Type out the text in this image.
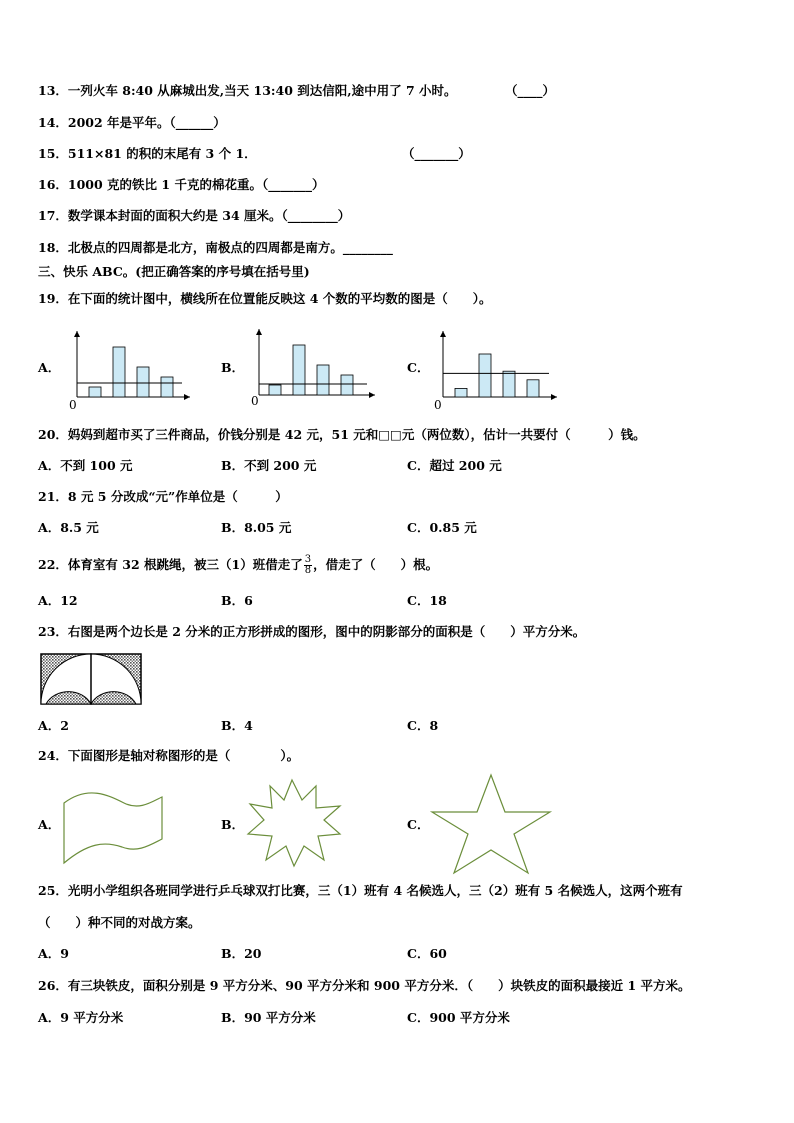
13．一列火车 8:40 从麻城出发,当天 13:40 到达信阳,途中用了 7 小时。	（____）
14．2002 年是平年。（______）
15．511×81 的积的末尾有 3 个 1．	（_______）
16．1000 克的铁比 1 千克的棉花重。（_______）
17．数学课本封面的面积大约是 34 厘米。（________）
18．北极点的四周都是北方，南极点的四周都是南方。________
三、快乐 ABC。(把正确答案的序号填在括号里)
19．在下面的统计图中，横线所在位置能反映这 4 个数的平均数的图是（　　）。
A．	B．	C．
0	0	0
20．妈妈到超市买了三件商品，价钱分别是 42 元，51 元和□□元（两位数），估计一共要付（　　　）钱。
A．不到 100 元	B．不到 200 元	C．超过 200 元
21．8 元 5 分改成“元”作单位是（　　　）
A．8.5 元	B．8.05 元	C．0.85 元
22．体育室有 32 根跳绳，被三（1）班借走了 $\frac{3}{8}$ ，借走了（　　）根。
A．12	B．6	C．18
23．右图是两个边长是 2 分米的正方形拼成的图形，图中的阴影部分的面积是（　　）平方分米。
A．2	B．4	C．8
24．下面图形是轴对称图形的是（　　　　）。
A．	B．	C．
25．光明小学组织各班同学进行乒乓球双打比赛，三（1）班有 4 名候选人，三（2）班有 5 名候选人，这两个班有
（　　）种不同的对战方案。
A．9	B．20	C．60
26．有三块铁皮，面积分别是 9 平方分米、90 平方分米和 900 平方分米．（　　）块铁皮的面积最接近 1 平方米。
A．9 平方分米	B．90 平方分米	C．900 平方分米
